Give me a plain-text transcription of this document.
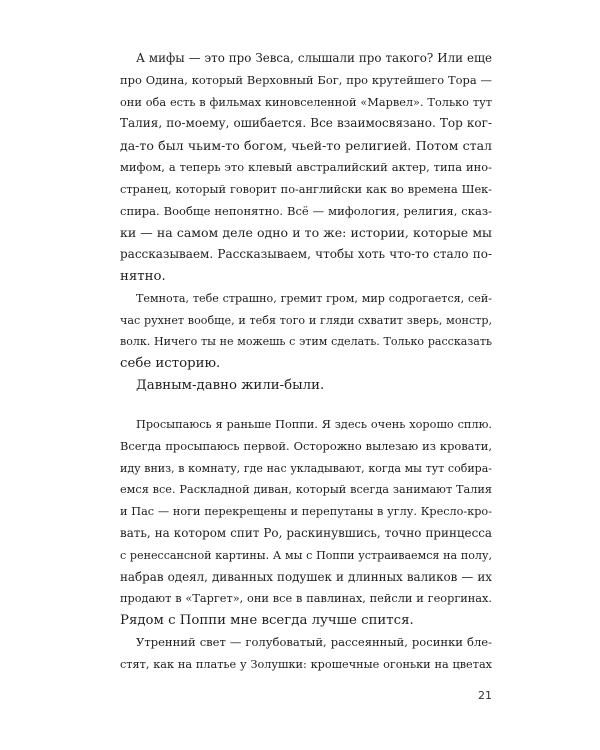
А мифы — это про Зевса, слышали про такого? Или еще
про Одина, который Верховный Бог, про крутейшего Тора —
они оба есть в фильмах киновселенной «Марвел». Только тут
Талия, по-моему, ошибается. Все взаимосвязано. Тор ког-
да-то был чьим-то богом, чьей-то религией. Потом стал
мифом, а теперь это клевый австралийский актер, типа ино-
странец, который говорит по-английски как во времена Шек-
спира. Вообще непонятно. Всё — мифология, религия, сказ-
ки — на самом деле одно и то же: истории, которые мы
рассказываем. Рассказываем, чтобы хоть что-то стало по-
нятно.
Темнота, тебе страшно, гремит гром, мир содрогается, сей-
час рухнет вообще, и тебя того и гляди схватит зверь, монстр,
волк. Ничего ты не можешь с этим сделать. Только рассказать
себе историю.
Давным-давно жили-были.
Просыпаюсь я раньше Поппи. Я здесь очень хорошо сплю.
Всегда просыпаюсь первой. Осторожно вылезаю из кровати,
иду вниз, в комнату, где нас укладывают, когда мы тут собира-
емся все. Раскладной диван, который всегда занимают Талия
и Пас — ноги перекрещены и перепутаны в углу. Кресло-кро-
вать, на котором спит Ро, раскинувшись, точно принцесса
с ренессансной картины. А мы с Поппи устраиваемся на полу,
набрав одеял, диванных подушек и длинных валиков — их
продают в «Таргет», они все в павлинах, пейсли и георгинах.
Рядом с Поппи мне всегда лучше спится.
Утренний свет — голубоватый, рассеянный, росинки бле-
стят, как на платье у Золушки: крошечные огоньки на цветах
21
